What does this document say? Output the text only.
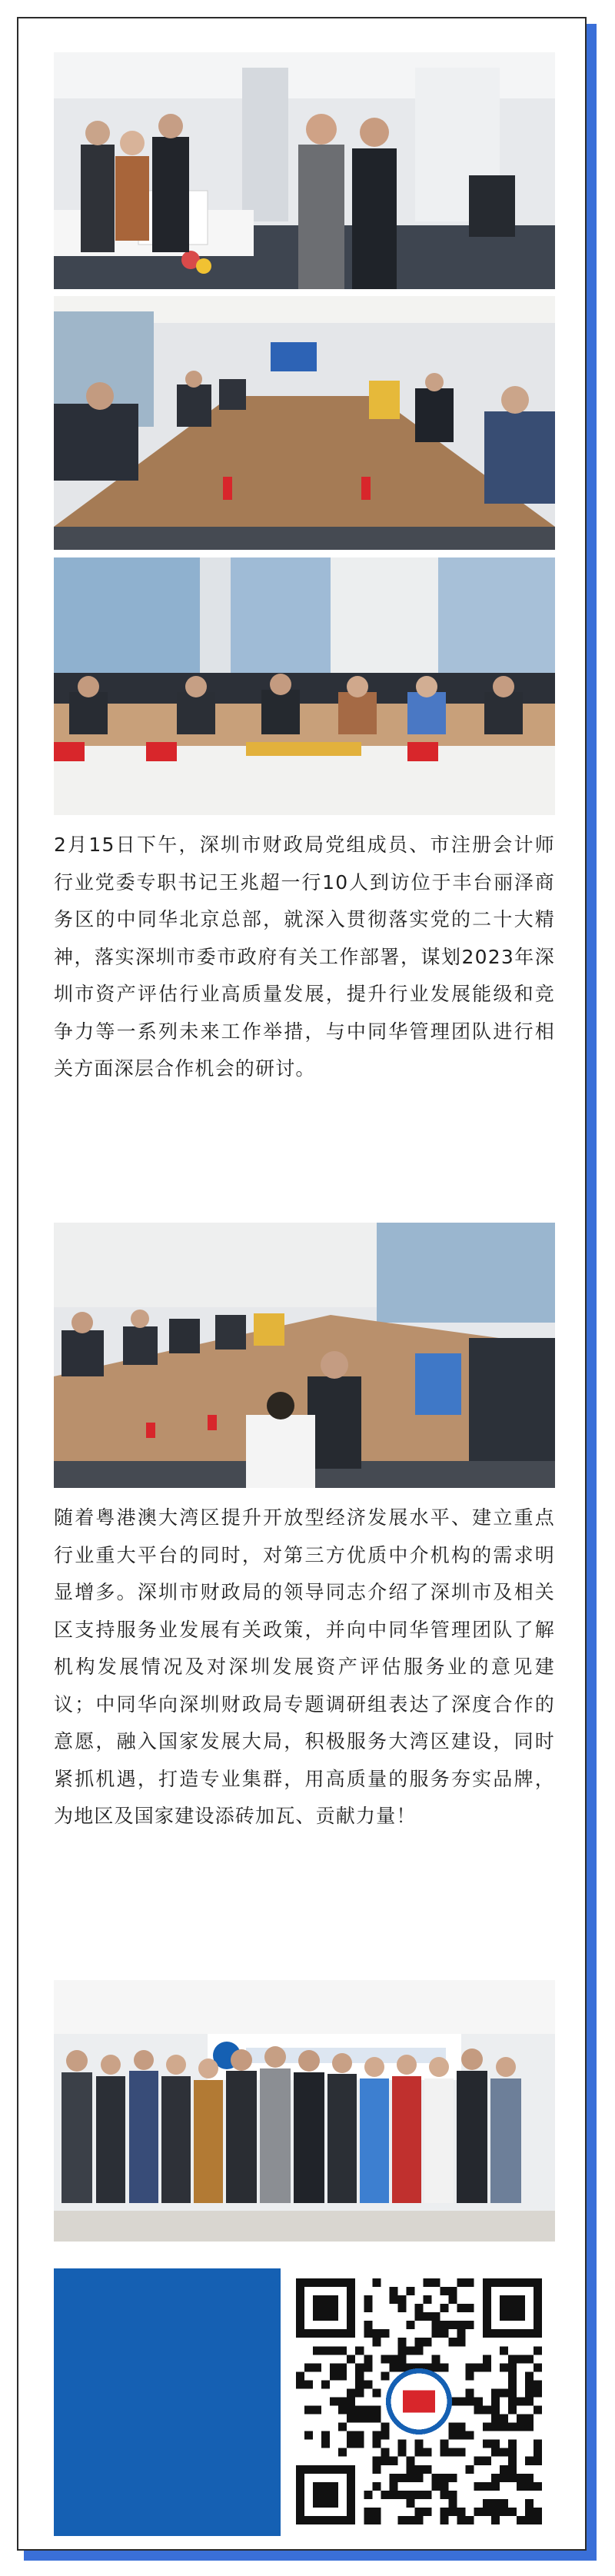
2月15日下午，深圳市财政局党组成员、市注册会计师行业党委专职书记王兆超一行10人到访位于丰台丽泽商务区的中同华北京总部，就深入贯彻落实党的二十大精神，落实深圳市委市政府有关工作部署，谋划2023年深圳市资产评估行业高质量发展，提升行业发展能级和竞争力等一系列未来工作举措，与中同华管理团队进行相关方面深层合作机会的研讨。

随着粤港澳大湾区提升开放型经济发展水平、建立重点行业重大平台的同时，对第三方优质中介机构的需求明显增多。深圳市财政局的领导同志介绍了深圳市及相关区支持服务业发展有关政策，并向中同华管理团队了解机构发展情况及对深圳发展资产评估服务业的意见建议；中同华向深圳财政局专题调研组表达了深度合作的意愿，融入国家发展大局，积极服务大湾区建设，同时紧抓机遇，打造专业集群，用高质量的服务夯实品牌，为地区及国家建设添砖加瓦、贡献力量！
